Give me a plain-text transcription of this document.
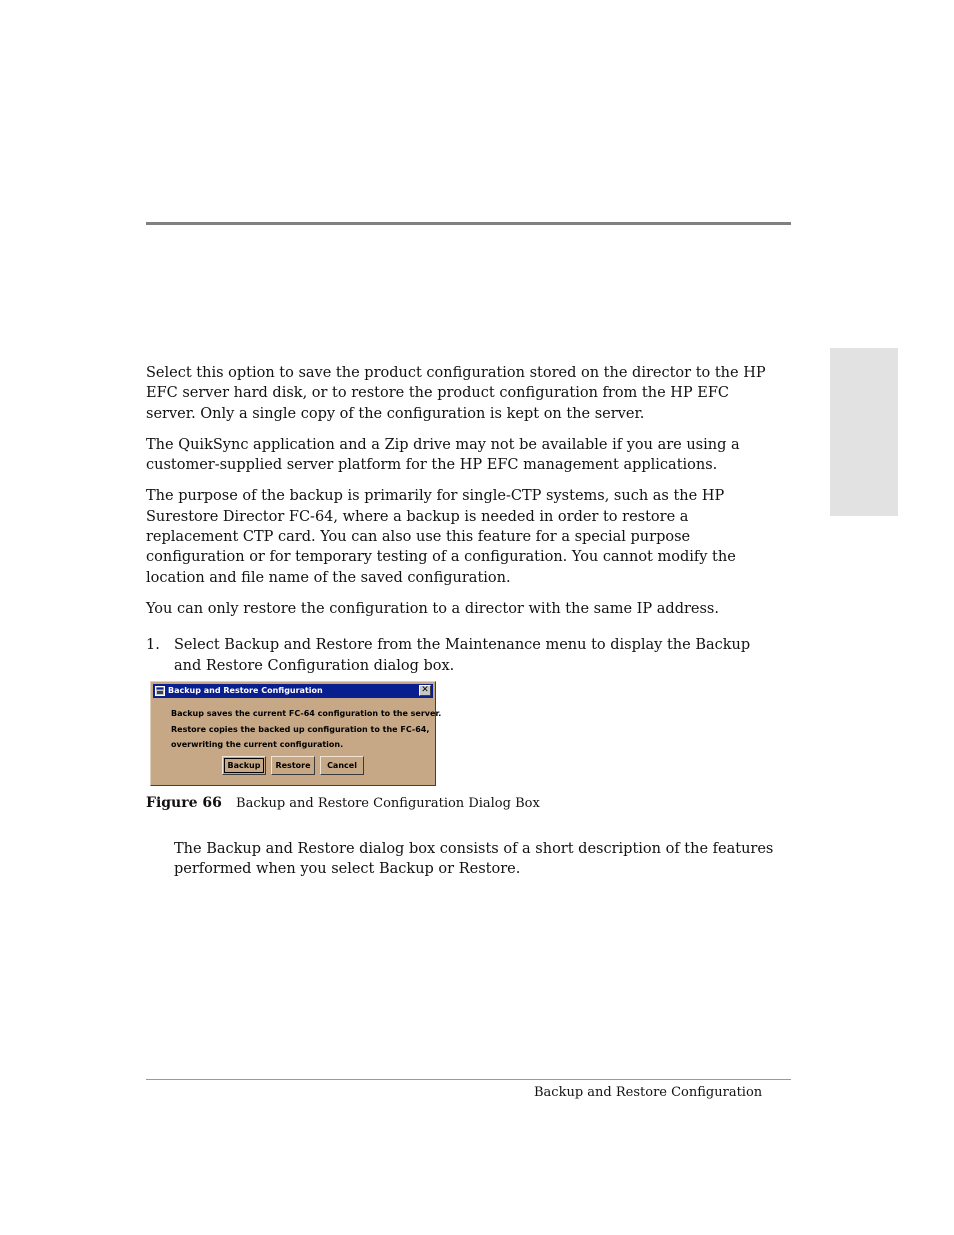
Select this option to save the product configuration stored on the director to the HP EFC server hard disk, or to restore the product configuration from the HP EFC server. Only a single copy of the configuration is kept on the server.

The QuikSync application and a Zip drive may not be available if you are using a customer-supplied server platform for the HP EFC management applications.

The purpose of the backup is primarily for single-CTP systems, such as the HP Surestore Director FC-64, where a backup is needed in order to restore a replacement CTP card. You can also use this feature for a special purpose configuration or for temporary testing of a configuration. You cannot modify the location and file name of the saved configuration.

You can only restore the configuration to a director with the same IP address.

1. Select Backup and Restore from the Maintenance menu to display the Backup and Restore Configuration dialog box.
Backup and Restore Configuration	✕
Backup saves the current FC-64 configuration to the server.
Restore copies the backed up configuration to the FC-64,
overwriting the current configuration.
Backup	Restore	Cancel
Figure 66 Backup and Restore Configuration Dialog Box
The Backup and Restore dialog box consists of a short description of the features performed when you select Backup or Restore.
Backup and Restore Configuration
